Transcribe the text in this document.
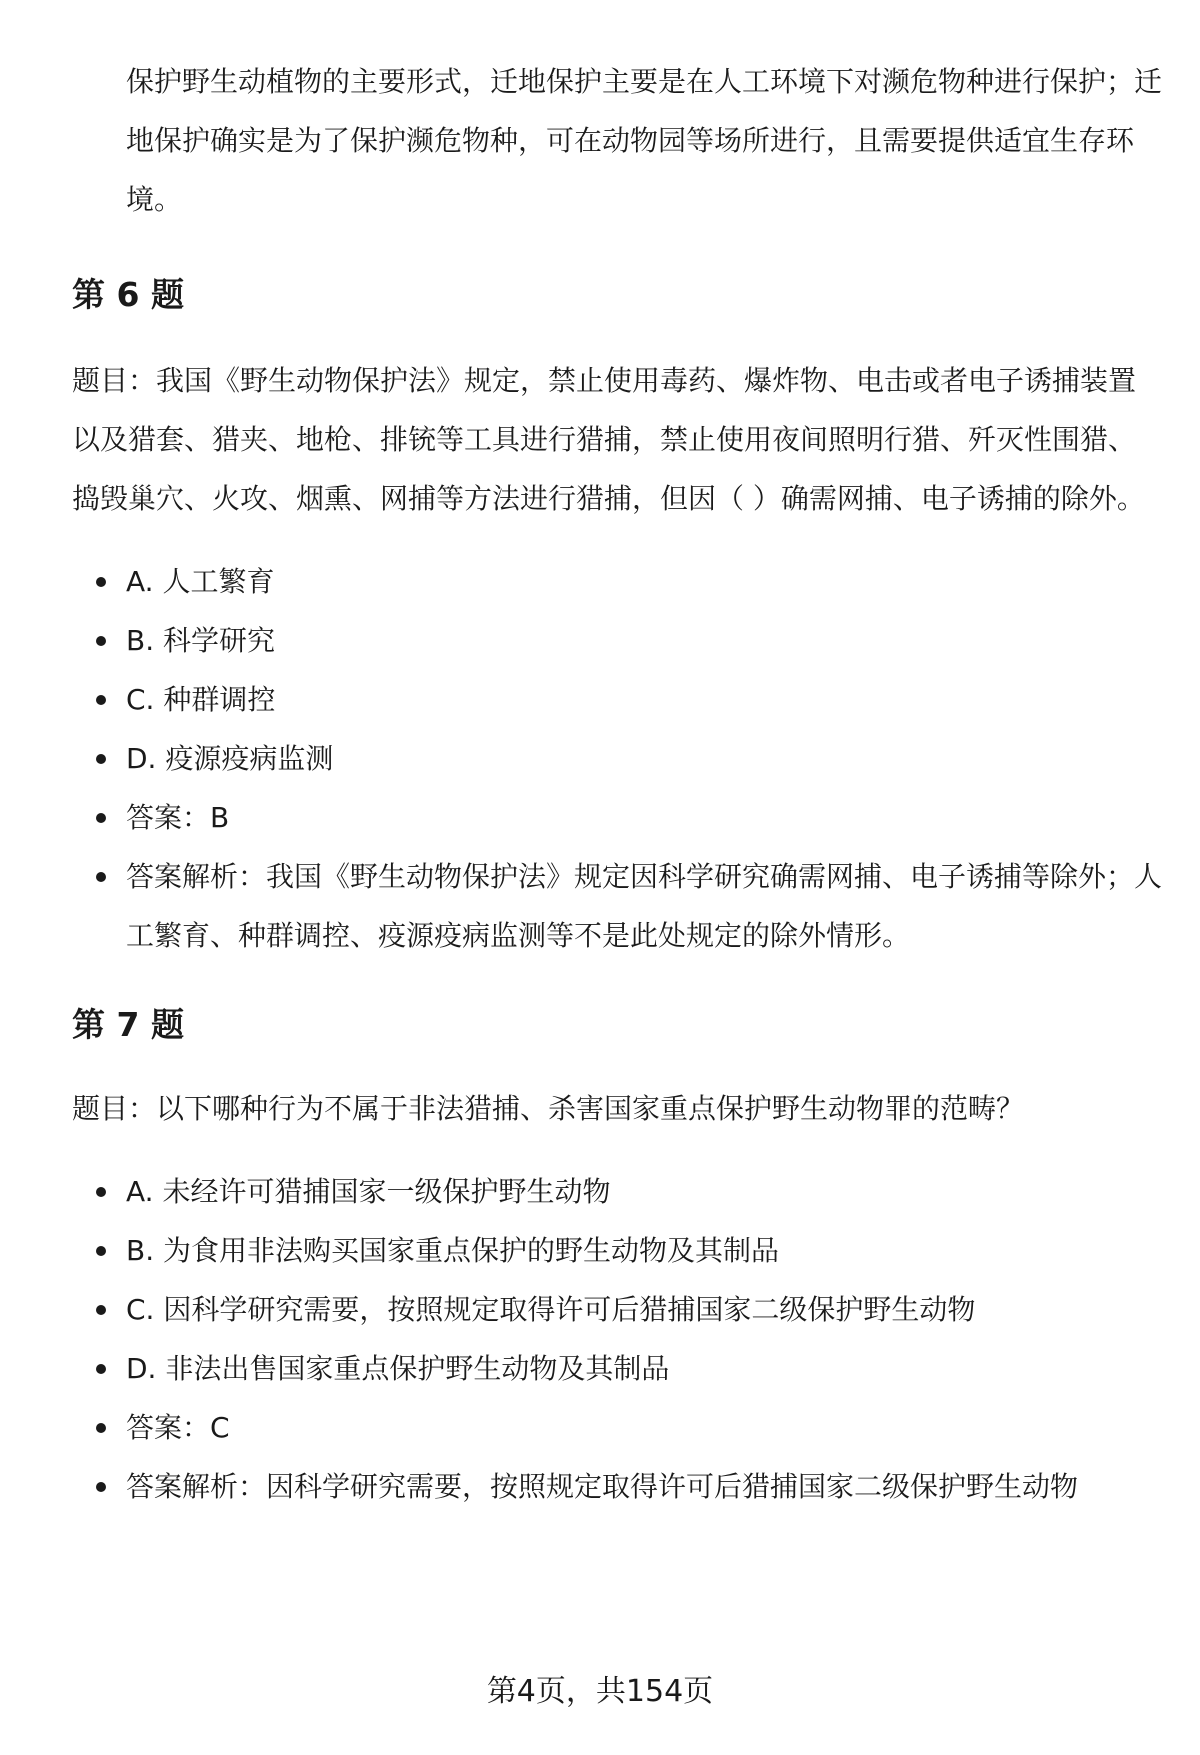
保护野生动植物的主要形式，迁地保护主要是在人工环境下对濒危物种进行保护；迁地保护确实是为了保护濒危物种，可在动物园等场所进行，且需要提供适宜生存环境。

第 6 题

题目：我国《野生动物保护法》规定，禁止使用毒药、爆炸物、电击或者电子诱捕装置以及猎套、猎夹、地枪、排铳等工具进行猎捕，禁止使用夜间照明行猎、歼灭性围猎、捣毁巢穴、火攻、烟熏、网捕等方法进行猎捕，但因（ ）确需网捕、电子诱捕的除外。

A. 人工繁育
B. 科学研究
C. 种群调控
D. 疫源疫病监测
答案：B
答案解析：我国《野生动物保护法》规定因科学研究确需网捕、电子诱捕等除外；人工繁育、种群调控、疫源疫病监测等不是此处规定的除外情形。
第 7 题

题目：以下哪种行为不属于非法猎捕、杀害国家重点保护野生动物罪的范畴？

A. 未经许可猎捕国家一级保护野生动物
B. 为食用非法购买国家重点保护的野生动物及其制品
C. 因科学研究需要，按照规定取得许可后猎捕国家二级保护野生动物
D. 非法出售国家重点保护野生动物及其制品
答案：C
答案解析：因科学研究需要，按照规定取得许可后猎捕国家二级保护野生动物
第4页，共154页
